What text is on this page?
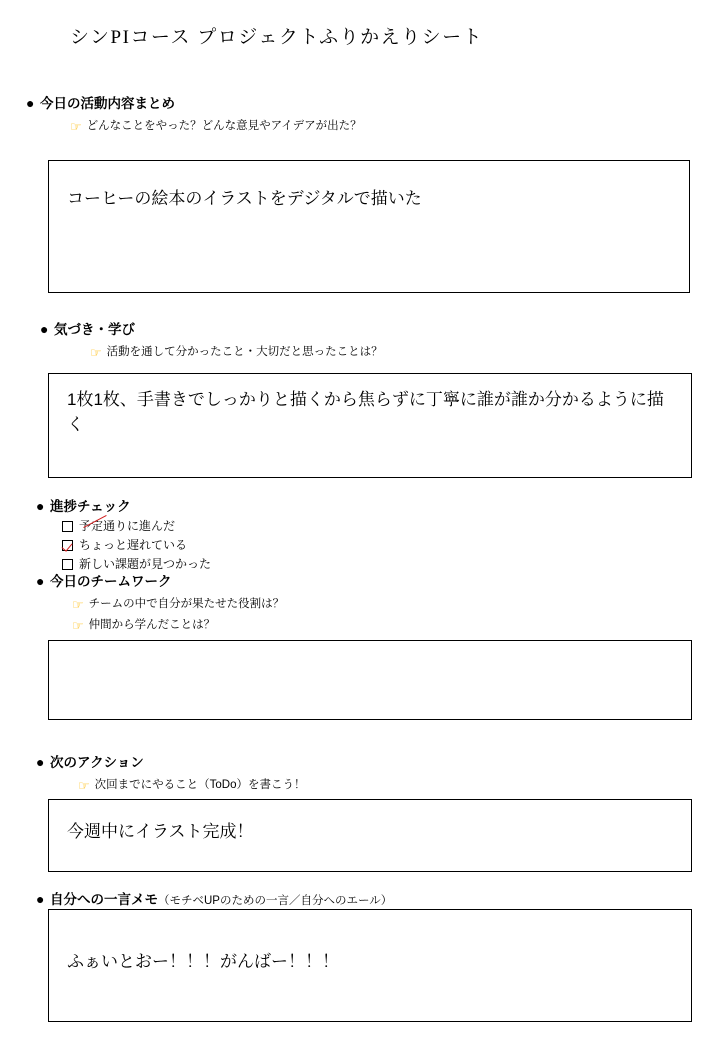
シンPIコース プロジェクトふりかえりシート
● 今日の活動内容まとめ
☞ どんなことをやった？どんな意見やアイデアが出た？
コーヒーの絵本のイラストをデジタルで描いた
● 気づき・学び
☞ 活動を通して分かったこと・大切だと思ったことは？
1枚1枚、手書きでしっかりと描くから焦らずに丁寧に誰が誰か分かるように描く
● 進捗チェック
予定通りに進んだ
ちょっと遅れている
新しい課題が見つかった
● 今日のチームワーク
☞ チームの中で自分が果たせた役割は？
☞ 仲間から学んだことは？
● 次のアクション
☞ 次回までにやること（ToDo）を書こう！
今週中にイラスト完成！
● 自分への一言メモ （モチベUPのための一言／自分へのエール）
ふぁいとおー！！！がんばー！！！
